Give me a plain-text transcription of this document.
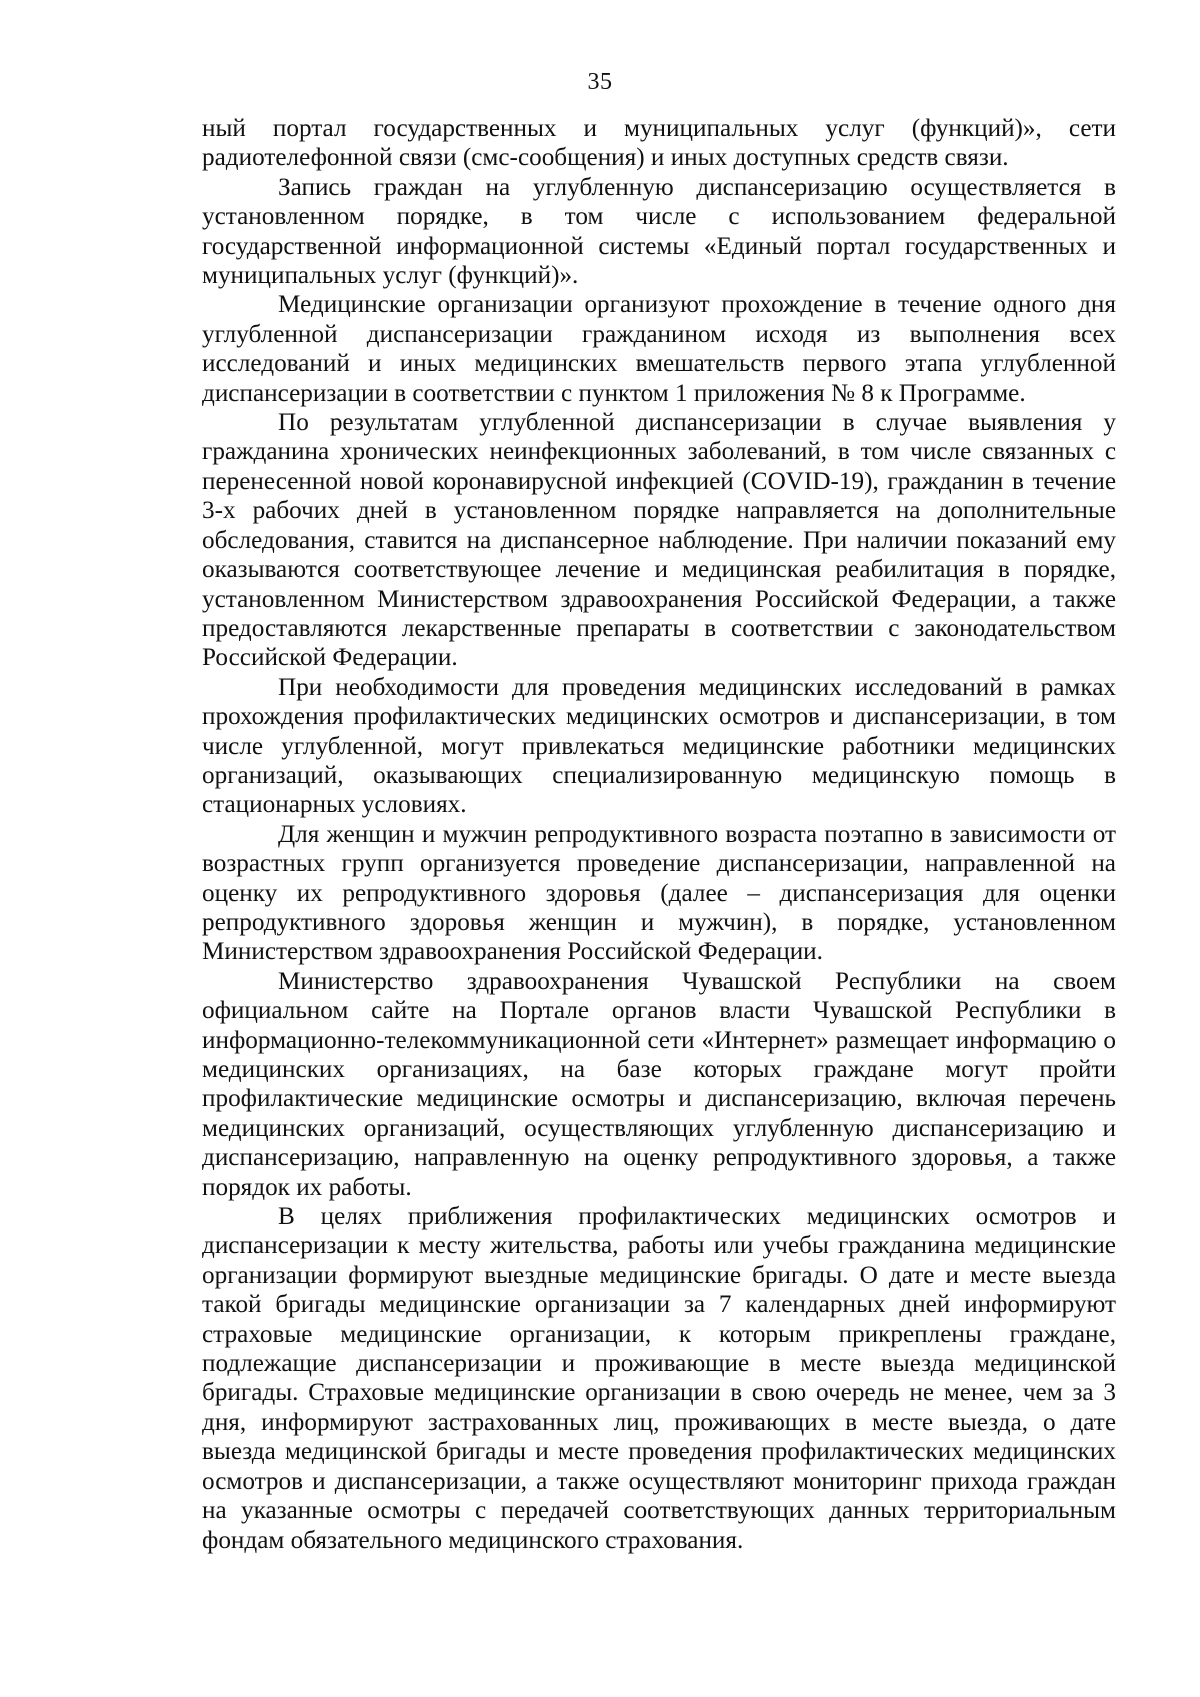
35

ный портал государственных и муниципальных услуг (функций)», сети радиотелефонной связи (смс-сообщения) и иных доступных средств связи.

Запись граждан на углубленную диспансеризацию осуществляется в установленном порядке, в том числе с использованием федеральной государственной информационной системы «Единый портал государственных и муниципальных услуг (функций)».

Медицинские организации организуют прохождение в течение одного дня углубленной диспансеризации гражданином исходя из выполнения всех исследований и иных медицинских вмешательств первого этапа углубленной диспансеризации в соответствии с пунктом 1 приложения № 8 к Программе.

По результатам углубленной диспансеризации в случае выявления у гражданина хронических неинфекционных заболеваний, в том числе связанных с перенесенной новой коронавирусной инфекцией (COVID-19), гражданин в течение 3-х рабочих дней в установленном порядке направляется на дополнительные обследования, ставится на диспансерное наблюдение. При наличии показаний ему оказываются соответствующее лечение и медицинская реабилитация в порядке, установленном Министерством здравоохранения Российской Федерации, а также предоставляются лекарственные препараты в соответствии с законодательством Российской Федерации.

При необходимости для проведения медицинских исследований в рамках прохождения профилактических медицинских осмотров и диспансеризации, в том числе углубленной, могут привлекаться медицинские работники медицинских организаций, оказывающих специализированную медицинскую помощь в стационарных условиях.

Для женщин и мужчин репродуктивного возраста поэтапно в зависимости от возрастных групп организуется проведение диспансеризации, направленной на оценку их репродуктивного здоровья (далее – диспансеризация для оценки репродуктивного здоровья женщин и мужчин), в порядке, установленном Министерством здравоохранения Российской Федерации.

Министерство здравоохранения Чувашской Республики на своем официальном сайте на Портале органов власти Чувашской Республики в информационно-телекоммуникационной сети «Интернет» размещает информацию о медицинских организациях, на базе которых граждане могут пройти профилактические медицинские осмотры и диспансеризацию, включая перечень медицинских организаций, осуществляющих углубленную диспансеризацию и диспансеризацию, направленную на оценку репродуктивного здоровья, а также порядок их работы.

В целях приближения профилактических медицинских осмотров и диспансеризации к месту жительства, работы или учебы гражданина медицинские организации формируют выездные медицинские бригады. О дате и месте выезда такой бригады медицинские организации за 7 календарных дней информируют страховые медицинские организации, к которым прикреплены граждане, подлежащие диспансеризации и проживающие в месте выезда медицинской бригады. Страховые медицинские организации в свою очередь не менее, чем за 3 дня, информируют застрахованных лиц, проживающих в месте выезда, о дате выезда медицинской бригады и месте проведения профилактических медицинских осмотров и диспансеризации, а также осуществляют мониторинг прихода граждан на указанные осмотры с передачей соответствующих данных территориальным фондам обязательного медицинского страхования.
